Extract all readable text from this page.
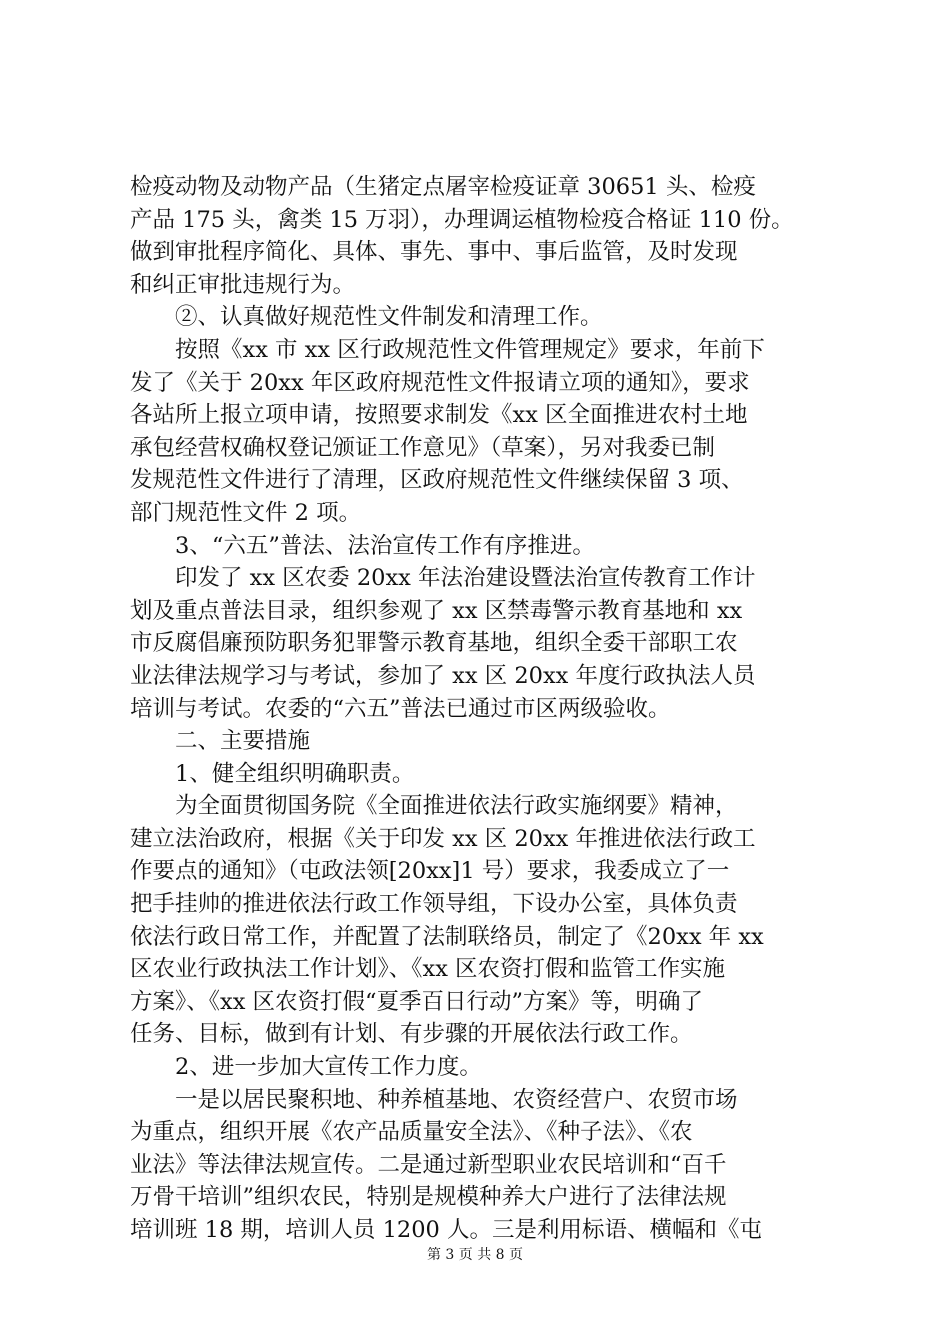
检疫动物及动物产品（生猪定点屠宰检疫证章 30651 头、检疫
产品 175 头，禽类 15 万羽），办理调运植物检疫合格证 110 份。
做到审批程序简化、具体、事先、事中、事后监管，及时发现
和纠正审批违规行为。
　　②、认真做好规范性文件制发和清理工作。
　　按照《xx 市 xx 区行政规范性文件管理规定》要求，年前下
发了《关于 20xx 年区政府规范性文件报请立项的通知》，要求
各站所上报立项申请，按照要求制发《xx 区全面推进农村土地
承包经营权确权登记颁证工作意见》（草案），另对我委已制
发规范性文件进行了清理，区政府规范性文件继续保留 3 项、
部门规范性文件 2 项。
　　3、“六五”普法、法治宣传工作有序推进。
　　印发了 xx 区农委 20xx 年法治建设暨法治宣传教育工作计
划及重点普法目录，组织参观了 xx 区禁毒警示教育基地和 xx
市反腐倡廉预防职务犯罪警示教育基地，组织全委干部职工农
业法律法规学习与考试，参加了 xx 区 20xx 年度行政执法人员
培训与考试。农委的“六五”普法已通过市区两级验收。
　　二、主要措施
　　1、健全组织明确职责。
　　为全面贯彻国务院《全面推进依法行政实施纲要》精神，
建立法治政府，根据《关于印发 xx 区 20xx 年推进依法行政工
作要点的通知》（屯政法领[20xx]1 号）要求，我委成立了一
把手挂帅的推进依法行政工作领导组，下设办公室，具体负责
依法行政日常工作，并配置了法制联络员，制定了《20xx 年 xx
区农业行政执法工作计划》、《xx 区农资打假和监管工作实施
方案》、《xx 区农资打假“夏季百日行动”方案》等，明确了
任务、目标，做到有计划、有步骤的开展依法行政工作。
　　2、进一步加大宣传工作力度。
　　一是以居民聚积地、种养植基地、农资经营户、农贸市场
为重点，组织开展《农产品质量安全法》、《种子法》、《农
业法》等法律法规宣传。二是通过新型职业农民培训和“百千
万骨干培训”组织农民，特别是规模种养大户进行了法律法规
培训班 18 期，培训人员 1200 人。三是利用标语、横幅和《屯
第 3 页 共 8 页
